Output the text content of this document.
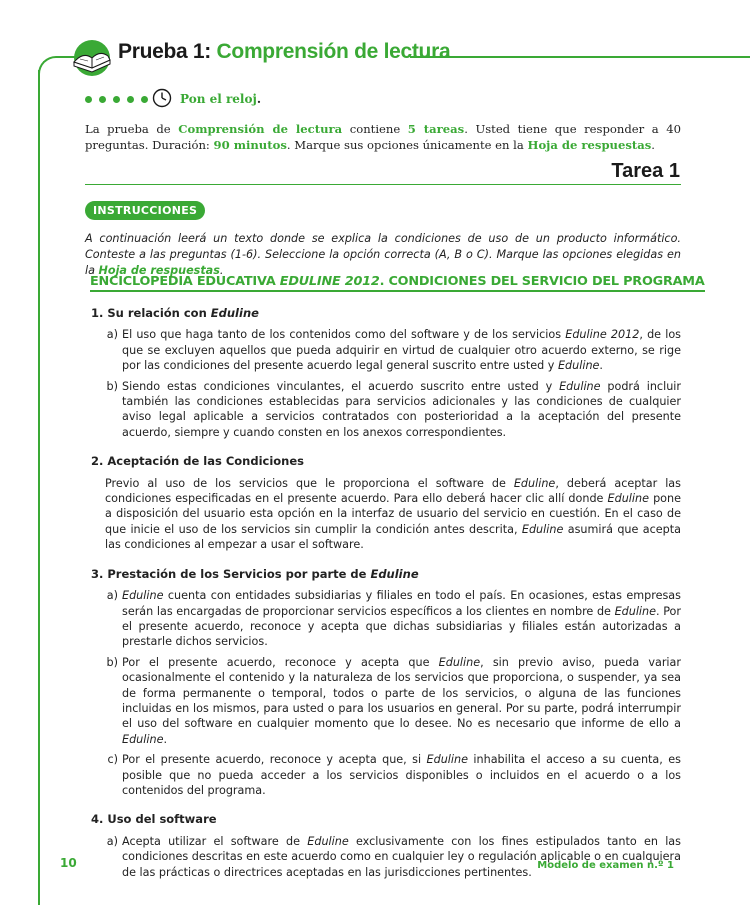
Prueba 1: Comprensión de lectura
Pon el reloj.
La prueba de Comprensión de lectura contiene 5 tareas. Usted tiene que responder a 40 preguntas. Duración: 90 minutos. Marque sus opciones únicamente en la Hoja de respuestas.
Tarea 1
INSTRUCCIONES
A continuación leerá un texto donde se explica la condiciones de uso de un producto informático. Conteste a las preguntas (1-6). Seleccione la opción correcta (A, B o C). Marque las opciones elegidas en la Hoja de respuestas.
ENCICLOPEDIA EDUCATIVA EDULINE 2012. CONDICIONES DEL SERVICIO DEL PROGRAMA
1. Su relación con Eduline
a) El uso que haga tanto de los contenidos como del software y de los servicios Eduline 2012, de los que se excluyen aquellos que pueda adquirir en virtud de cualquier otro acuerdo externo, se rige por las condiciones del presente acuerdo legal general suscrito entre usted y Eduline.
b) Siendo estas condiciones vinculantes, el acuerdo suscrito entre usted y Eduline podrá incluir también las condiciones establecidas para servicios adicionales y las condiciones de cualquier aviso legal aplicable a servicios contratados con posterioridad a la aceptación del presente acuerdo, siempre y cuando consten en los anexos correspondientes.
2. Aceptación de las Condiciones
Previo al uso de los servicios que le proporciona el software de Eduline, deberá aceptar las condiciones especificadas en el presente acuerdo. Para ello deberá hacer clic allí donde Eduline pone a disposición del usuario esta opción en la interfaz de usuario del servicio en cuestión. En el caso de que inicie el uso de los servicios sin cumplir la condición antes descrita, Eduline asumirá que acepta las condiciones al empezar a usar el software.
3. Prestación de los Servicios por parte de Eduline
a) Eduline cuenta con entidades subsidiarias y filiales en todo el país. En ocasiones, estas empresas serán las encargadas de proporcionar servicios específicos a los clientes en nombre de Eduline. Por el presente acuerdo, reconoce y acepta que dichas subsidiarias y filiales están autorizadas a prestarle dichos servicios.
b) Por el presente acuerdo, reconoce y acepta que Eduline, sin previo aviso, pueda variar ocasionalmente el contenido y la naturaleza de los servicios que proporciona, o suspender, ya sea de forma permanente o temporal, todos o parte de los servicios, o alguna de las funciones incluidas en los mismos, para usted o para los usuarios en general. Por su parte, podrá interrumpir el uso del software en cualquier momento que lo desee. No es necesario que informe de ello a Eduline.
c) Por el presente acuerdo, reconoce y acepta que, si Eduline inhabilita el acceso a su cuenta, es posible que no pueda acceder a los servicios disponibles o incluidos en el acuerdo o a los contenidos del programa.
4. Uso del software
a) Acepta utilizar el software de Eduline exclusivamente con los fines estipulados tanto en las condiciones descritas en este acuerdo como en cualquier ley o regulación aplicable o en cualquiera de las prácticas o directrices aceptadas en las jurisdicciones pertinentes.
10	Modelo de examen n.º 1
